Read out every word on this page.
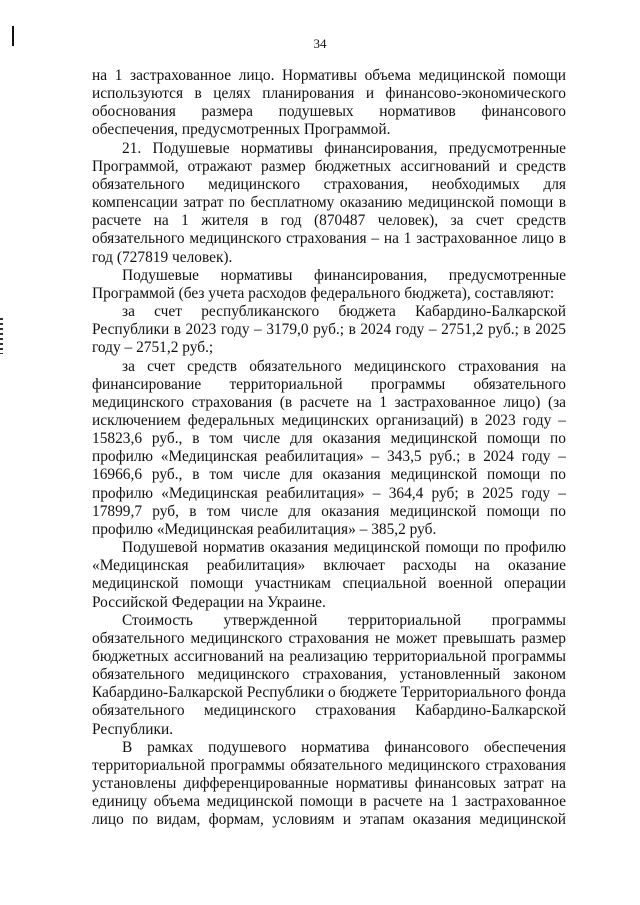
34

на 1 застрахованное лицо. Нормативы объема медицинской помощи используются в целях планирования и финансово-экономического обоснования размера подушевых нормативов финансового обеспечения, предусмотренных Программой.

21. Подушевые нормативы финансирования, предусмотренные Программой, отражают размер бюджетных ассигнований и средств обязательного медицинского страхования, необходимых для компенсации затрат по бесплатному оказанию медицинской помощи в расчете на 1 жителя в год (870487 человек), за счет средств обязательного медицинского страхования – на 1 застрахованное лицо в год (727819 человек).

Подушевые нормативы финансирования, предусмотренные Программой (без учета расходов федерального бюджета), составляют:

за счет республиканского бюджета Кабардино-Балкарской Республики в 2023 году – 3179,0 руб.; в 2024 году – 2751,2 руб.; в 2025 году – 2751,2 руб.;

за счет средств обязательного медицинского страхования на финансирование территориальной программы обязательного медицинского страхования (в расчете на 1 застрахованное лицо) (за исключением федеральных медицинских организаций) в 2023 году – 15823,6 руб., в том числе для оказания медицинской помощи по профилю «Медицинская реабилитация» – 343,5 руб.; в 2024 году – 16966,6 руб., в том числе для оказания медицинской помощи по профилю «Медицинская реабилитация» – 364,4 руб; в 2025 году – 17899,7 руб, в том числе для оказания медицинской помощи по профилю «Медицинская реабилитация» – 385,2 руб.

Подушевой норматив оказания медицинской помощи по профилю «Медицинская реабилитация» включает расходы на оказание медицинской помощи участникам специальной военной операции Российской Федерации на Украине.

Стоимость утвержденной территориальной программы обязательного медицинского страхования не может превышать размер бюджетных ассигнований на реализацию территориальной программы обязательного медицинского страхования, установленный законом Кабардино-Балкарской Республики о бюджете Территориального фонда обязательного медицинского страхования Кабардино-Балкарской Республики.

В рамках подушевого норматива финансового обеспечения территориальной программы обязательного медицинского страхования установлены дифференцированные нормативы финансовых затрат на единицу объема медицинской помощи в расчете на 1 застрахованное лицо по видам, формам, условиям и этапам оказания медицинской
